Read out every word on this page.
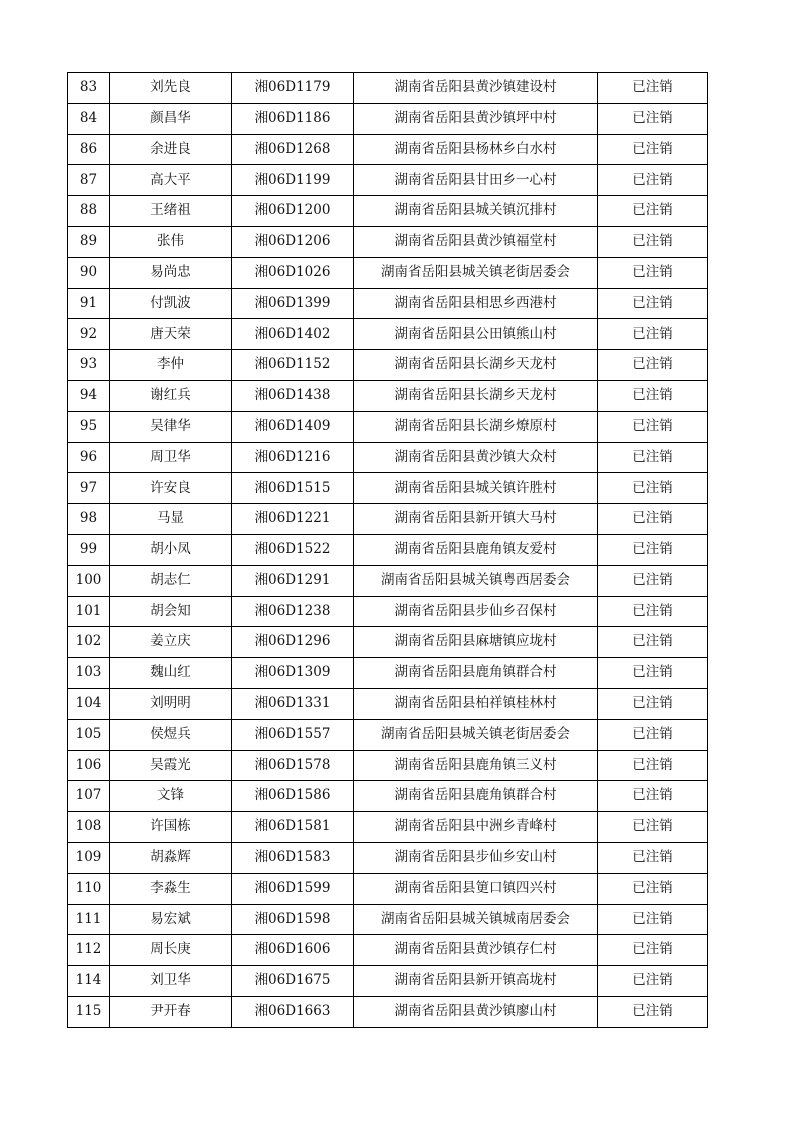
83	刘先良	湘06D1179	湖南省岳阳县黄沙镇建设村	已注销
84	颜昌华	湘06D1186	湖南省岳阳县黄沙镇坪中村	已注销
86	余进良	湘06D1268	湖南省岳阳县杨林乡白水村	已注销
87	高大平	湘06D1199	湖南省岳阳县甘田乡一心村	已注销
88	王绪祖	湘06D1200	湖南省岳阳县城关镇沉排村	已注销
89	张伟	湘06D1206	湖南省岳阳县黄沙镇福堂村	已注销
90	易尚忠	湘06D1026	湖南省岳阳县城关镇老街居委会	已注销
91	付凯波	湘06D1399	湖南省岳阳县相思乡西港村	已注销
92	唐天荣	湘06D1402	湖南省岳阳县公田镇熊山村	已注销
93	李仲	湘06D1152	湖南省岳阳县长湖乡天龙村	已注销
94	谢红兵	湘06D1438	湖南省岳阳县长湖乡天龙村	已注销
95	吴律华	湘06D1409	湖南省岳阳县长湖乡燎原村	已注销
96	周卫华	湘06D1216	湖南省岳阳县黄沙镇大众村	已注销
97	许安良	湘06D1515	湖南省岳阳县城关镇许胜村	已注销
98	马显	湘06D1221	湖南省岳阳县新开镇大马村	已注销
99	胡小凤	湘06D1522	湖南省岳阳县鹿角镇友爱村	已注销
100	胡志仁	湘06D1291	湖南省岳阳县城关镇粤西居委会	已注销
101	胡会知	湘06D1238	湖南省岳阳县步仙乡召保村	已注销
102	姜立庆	湘06D1296	湖南省岳阳县麻塘镇应垅村	已注销
103	魏山红	湘06D1309	湖南省岳阳县鹿角镇群合村	已注销
104	刘明明	湘06D1331	湖南省岳阳县柏祥镇桂林村	已注销
105	侯煜兵	湘06D1557	湖南省岳阳县城关镇老街居委会	已注销
106	吴霞光	湘06D1578	湖南省岳阳县鹿角镇三义村	已注销
107	文锋	湘06D1586	湖南省岳阳县鹿角镇群合村	已注销
108	许国栋	湘06D1581	湖南省岳阳县中洲乡青峰村	已注销
109	胡淼辉	湘06D1583	湖南省岳阳县步仙乡安山村	已注销
110	李淼生	湘06D1599	湖南省岳阳县筻口镇四兴村	已注销
111	易宏斌	湘06D1598	湖南省岳阳县城关镇城南居委会	已注销
112	周长庚	湘06D1606	湖南省岳阳县黄沙镇存仁村	已注销
114	刘卫华	湘06D1675	湖南省岳阳县新开镇高垅村	已注销
115	尹开春	湘06D1663	湖南省岳阳县黄沙镇廖山村	已注销
